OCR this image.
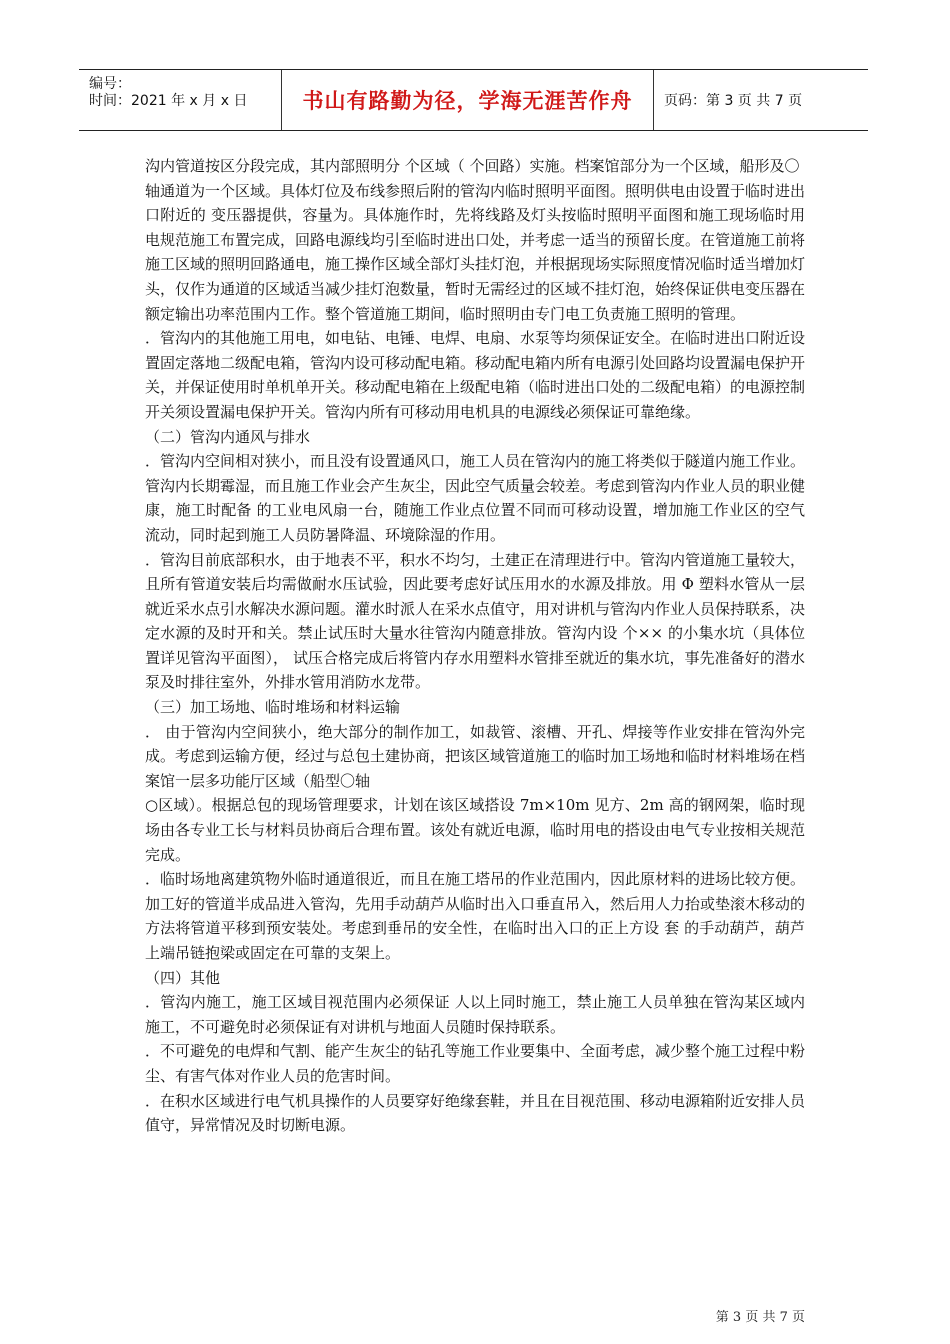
编号：
时间：2021 年 x 月 x 日	书山有路勤为径，学海无涯苦作舟 页码：第 3 页 共 7 页

沟内管道按区分段完成，其内部照明分 个区域（ 个回路）实施。档案馆部分为一个区域，船形及〇

轴通道为一个区域。具体灯位及布线参照后附的管沟内临时照明平面图。照明供电由设置于临时进出口附近的 变压器提供，容量为。具体施作时，先将线路及灯头按临时照明平面图和施工现场临时用电规范施工布置完成，回路电源线均引至临时进出口处，并考虑一适当的预留长度。在管道施工前将施工区域的照明回路通电，施工操作区域全部灯头挂灯泡，并根据现场实际照度情况临时适当增加灯头，仅作为通道的区域适当减少挂灯泡数量，暂时无需经过的区域不挂灯泡，始终保证供电变压器在额定输出功率范围内工作。整个管道施工期间，临时照明由专门电工负责施工照明的管理。

．管沟内的其他施工用电，如电钻、电锤、电焊、电扇、水泵等均须保证安全。在临时进出口附近设置固定落地二级配电箱，管沟内设可移动配电箱。移动配电箱内所有电源引处回路均设置漏电保护开关，并保证使用时单机单开关。移动配电箱在上级配电箱（临时进出口处的二级配电箱）的电源控制开关须设置漏电保护开关。管沟内所有可移动用电机具的电源线必须保证可靠绝缘。

（二）管沟内通风与排水

．管沟内空间相对狭小，而且没有设置通风口，施工人员在管沟内的施工将类似于隧道内施工作业。管沟内长期霉湿，而且施工作业会产生灰尘，因此空气质量会较差。考虑到管沟内作业人员的职业健康，施工时配备 的工业电风扇一台，随施工作业点位置不同而可移动设置，增加施工作业区的空气流动，同时起到施工人员防暑降温、环境除湿的作用。

．管沟目前底部积水，由于地表不平，积水不均匀，土建正在清理进行中。管沟内管道施工量较大，且所有管道安装后均需做耐水压试验，因此要考虑好试压用水的水源及排放。用 Φ 塑料水管从一层就近采水点引水解决水源问题。灌水时派人在采水点值守，用对讲机与管沟内作业人员保持联系，决定水源的及时开和关。禁止试压时大量水往管沟内随意排放。管沟内设 个×× 的小集水坑（具体位置详见管沟平面图）， 试压合格完成后将管内存水用塑料水管排至就近的集水坑，事先准备好的潜水泵及时排往室外，外排水管用消防水龙带。

（三）加工场地、临时堆场和材料运输

． 由于管沟内空间狭小，绝大部分的制作加工，如裁管、滚槽、开孔、焊接等作业安排在管沟外完成。考虑到运输方便，经过与总包土建协商，把该区域管道施工的临时加工场地和临时材料堆场在档案馆一层多功能厅区域（船型〇轴

○区域）。根据总包的现场管理要求，计划在该区域搭设 7m×10m 见方、2m 高的钢网架，临时现场由各专业工长与材料员协商后合理布置。该处有就近电源，临时用电的搭设由电气专业按相关规范完成。

．临时场地离建筑物外临时通道很近，而且在施工塔吊的作业范围内，因此原材料的进场比较方便。加工好的管道半成品进入管沟，先用手动葫芦从临时出入口垂直吊入，然后用人力抬或垫滚木移动的方法将管道平移到预安装处。考虑到垂吊的安全性，在临时出入口的正上方设 套 的手动葫芦，葫芦上端吊链抱梁或固定在可靠的支架上。

（四）其他

．管沟内施工，施工区域目视范围内必须保证 人以上同时施工，禁止施工人员单独在管沟某区域内施工，不可避免时必须保证有对讲机与地面人员随时保持联系。

．不可避免的电焊和气割、能产生灰尘的钻孔等施工作业要集中、全面考虑，减少整个施工过程中粉尘、有害气体对作业人员的危害时间。

．在积水区域进行电气机具操作的人员要穿好绝缘套鞋，并且在目视范围、移动电源箱附近安排人员值守，异常情况及时切断电源。

第 3 页 共 7 页
